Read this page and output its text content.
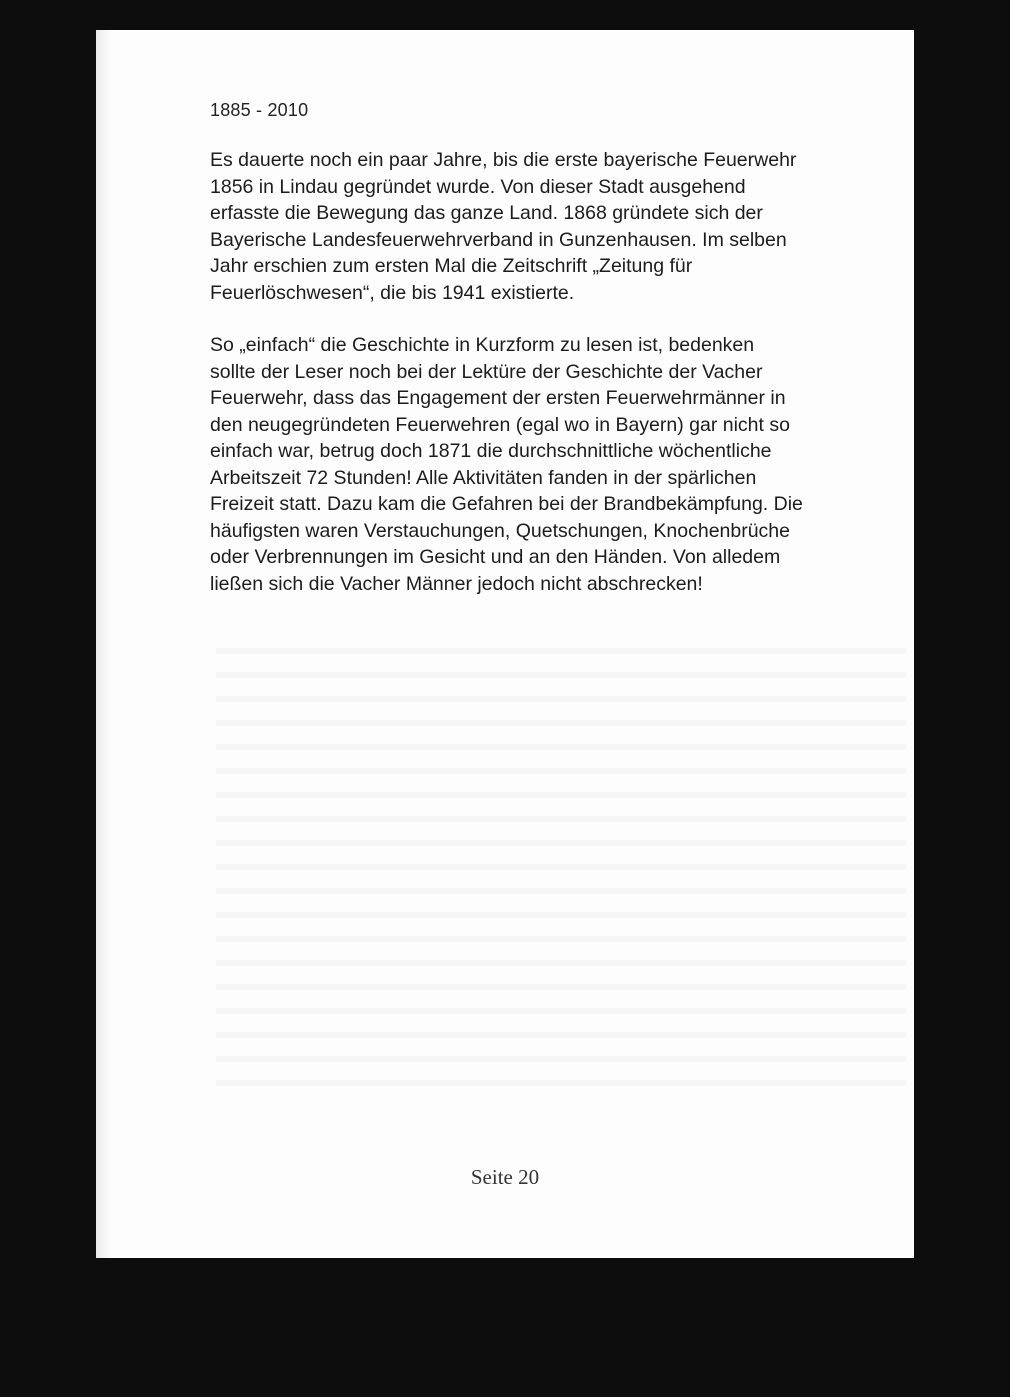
1885 - 2010

Es dauerte noch ein paar Jahre, bis die erste bayerische Feuerwehr
1856 in Lindau gegründet wurde. Von dieser Stadt ausgehend
erfasste die Bewegung das ganze Land. 1868 gründete sich der
Bayerische Landesfeuerwehrverband in Gunzenhausen. Im selben
Jahr erschien zum ersten Mal die Zeitschrift „Zeitung für
Feuerlöschwesen“, die bis 1941 existierte.

So „einfach“ die Geschichte in Kurzform zu lesen ist, bedenken
sollte der Leser noch bei der Lektüre der Geschichte der Vacher
Feuerwehr, dass das Engagement der ersten Feuerwehrmänner in
den neugegründeten Feuerwehren (egal wo in Bayern) gar nicht so
einfach war, betrug doch 1871 die durchschnittliche wöchentliche
Arbeitszeit 72 Stunden! Alle Aktivitäten fanden in der spärlichen
Freizeit statt. Dazu kam die Gefahren bei der Brandbekämpfung. Die
häufigsten waren Verstauchungen, Quetschungen, Knochenbrüche
oder Verbrennungen im Gesicht und an den Händen. Von alledem
ließen sich die Vacher Männer jedoch nicht abschrecken!

Seite 20
